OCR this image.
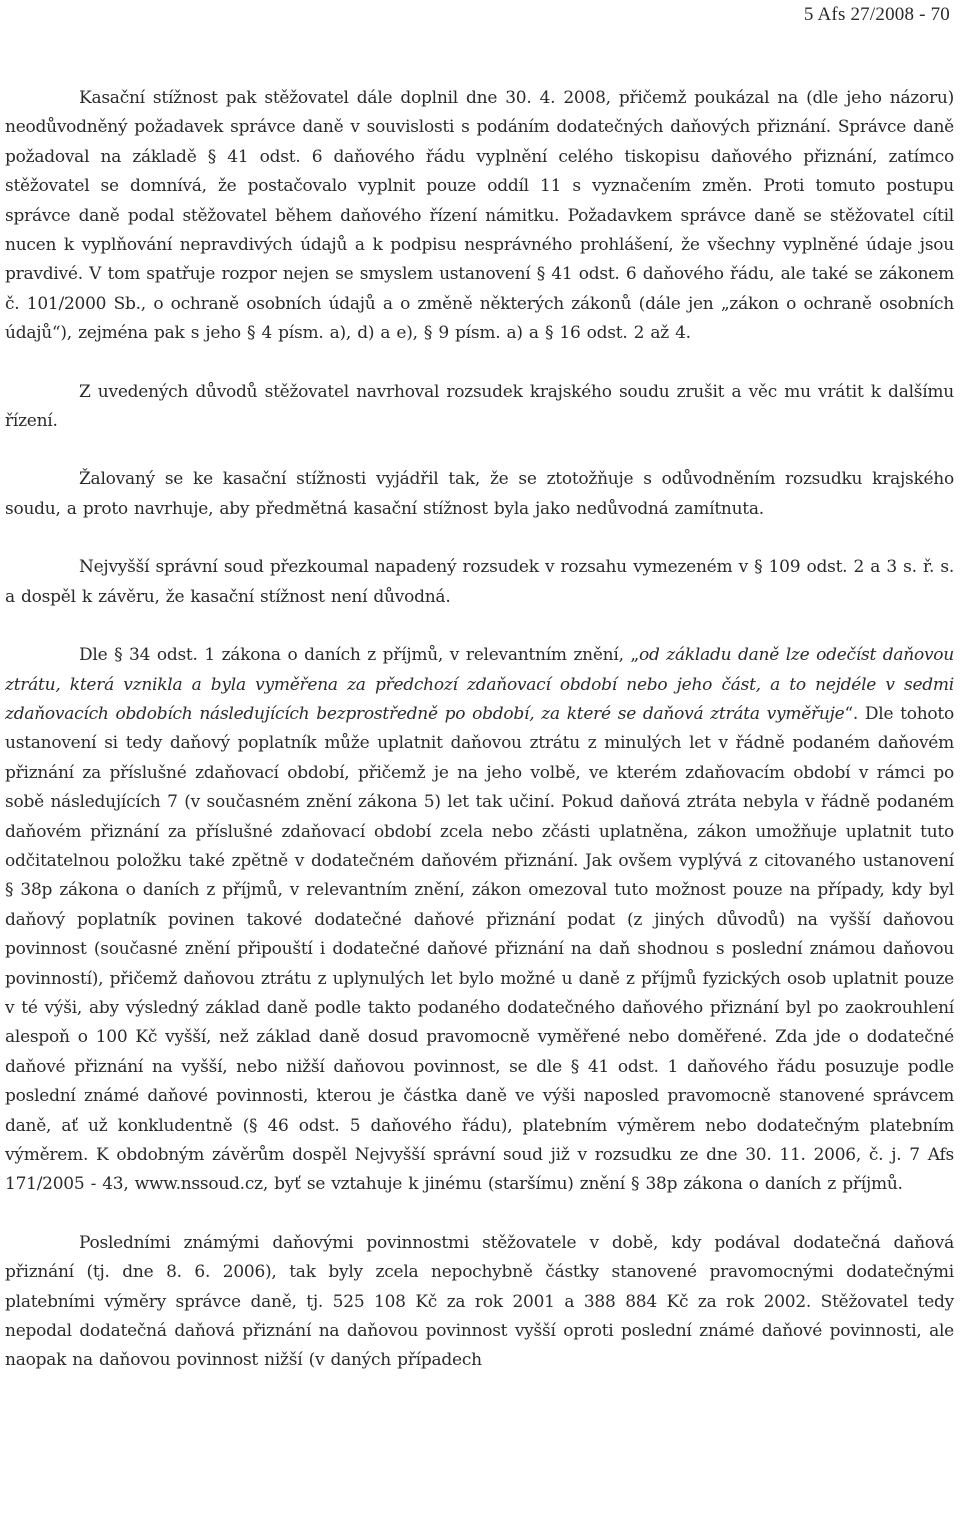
5 Afs 27/2008 - 70

Kasační stížnost pak stěžovatel dále doplnil dne 30. 4. 2008, přičemž poukázal na (dle jeho názoru) neodůvodněný požadavek správce daně v souvislosti s podáním dodatečných daňových přiznání. Správce daně požadoval na základě § 41 odst. 6 daňového řádu vyplnění celého tiskopisu daňového přiznání, zatímco stěžovatel se domnívá, že postačovalo vyplnit pouze oddíl 11 s vyznačením změn. Proti tomuto postupu správce daně podal stěžovatel během daňového řízení námitku. Požadavkem správce daně se stěžovatel cítil nucen k vyplňování nepravdivých údajů a k podpisu nesprávného prohlášení, že všechny vyplněné údaje jsou pravdivé. V tom spatřuje rozpor nejen se smyslem ustanovení § 41 odst. 6 daňového řádu, ale také se zákonem č. 101/2000 Sb., o ochraně osobních údajů a o změně některých zákonů (dále jen „zákon o ochraně osobních údajů“), zejména pak s jeho § 4 písm. a), d) a e), § 9 písm. a) a § 16 odst. 2 až 4.

Z uvedených důvodů stěžovatel navrhoval rozsudek krajského soudu zrušit a věc mu vrátit k dalšímu řízení.

Žalovaný se ke kasační stížnosti vyjádřil tak, že se ztotožňuje s odůvodněním rozsudku krajského soudu, a proto navrhuje, aby předmětná kasační stížnost byla jako nedůvodná zamítnuta.

Nejvyšší správní soud přezkoumal napadený rozsudek v rozsahu vymezeném v § 109 odst. 2 a 3 s. ř. s. a dospěl k závěru, že kasační stížnost není důvodná.

Dle § 34 odst. 1 zákona o daních z příjmů, v relevantním znění, „od základu daně lze odečíst daňovou ztrátu, která vznikla a byla vyměřena za předchozí zdaňovací období nebo jeho část, a to nejdéle v sedmi zdaňovacích obdobích následujících bezprostředně po období, za které se daňová ztráta vyměřuje“. Dle tohoto ustanovení si tedy daňový poplatník může uplatnit daňovou ztrátu z minulých let v řádně podaném daňovém přiznání za příslušné zdaňovací období, přičemž je na jeho volbě, ve kterém zdaňovacím období v rámci po sobě následujících 7 (v současném znění zákona 5) let tak učiní. Pokud daňová ztráta nebyla v řádně podaném daňovém přiznání za příslušné zdaňovací období zcela nebo zčásti uplatněna, zákon umožňuje uplatnit tuto odčitatelnou položku také zpětně v dodatečném daňovém přiznání. Jak ovšem vyplývá z citovaného ustanovení § 38p zákona o daních z příjmů, v relevantním znění, zákon omezoval tuto možnost pouze na případy, kdy byl daňový poplatník povinen takové dodatečné daňové přiznání podat (z jiných důvodů) na vyšší daňovou povinnost (současné znění připouští i dodatečné daňové přiznání na daň shodnou s poslední známou daňovou povinností), přičemž daňovou ztrátu z uplynulých let bylo možné u daně z příjmů fyzických osob uplatnit pouze v té výši, aby výsledný základ daně podle takto podaného dodatečného daňového přiznání byl po zaokrouhlení alespoň o 100 Kč vyšší, než základ daně dosud pravomocně vyměřené nebo doměřené. Zda jde o dodatečné daňové přiznání na vyšší, nebo nižší daňovou povinnost, se dle § 41 odst. 1 daňového řádu posuzuje podle poslední známé daňové povinnosti, kterou je částka daně ve výši naposled pravomocně stanovené správcem daně, ať už konkludentně (§ 46 odst. 5 daňového řádu), platebním výměrem nebo dodatečným platebním výměrem. K obdobným závěrům dospěl Nejvyšší správní soud již v rozsudku ze dne 30. 11. 2006, č. j. 7 Afs 171/2005 - 43, www.nssoud.cz, byť se vztahuje k jinému (staršímu) znění § 38p zákona o daních z příjmů.

Posledními známými daňovými povinnostmi stěžovatele v době, kdy podával dodatečná daňová přiznání (tj. dne 8. 6. 2006), tak byly zcela nepochybně částky stanovené pravomocnými dodatečnými platebními výměry správce daně, tj. 525 108 Kč za rok 2001 a 388 884 Kč za rok 2002. Stěžovatel tedy nepodal dodatečná daňová přiznání na daňovou povinnost vyšší oproti poslední známé daňové povinnosti, ale naopak na daňovou povinnost nižší (v daných případech
